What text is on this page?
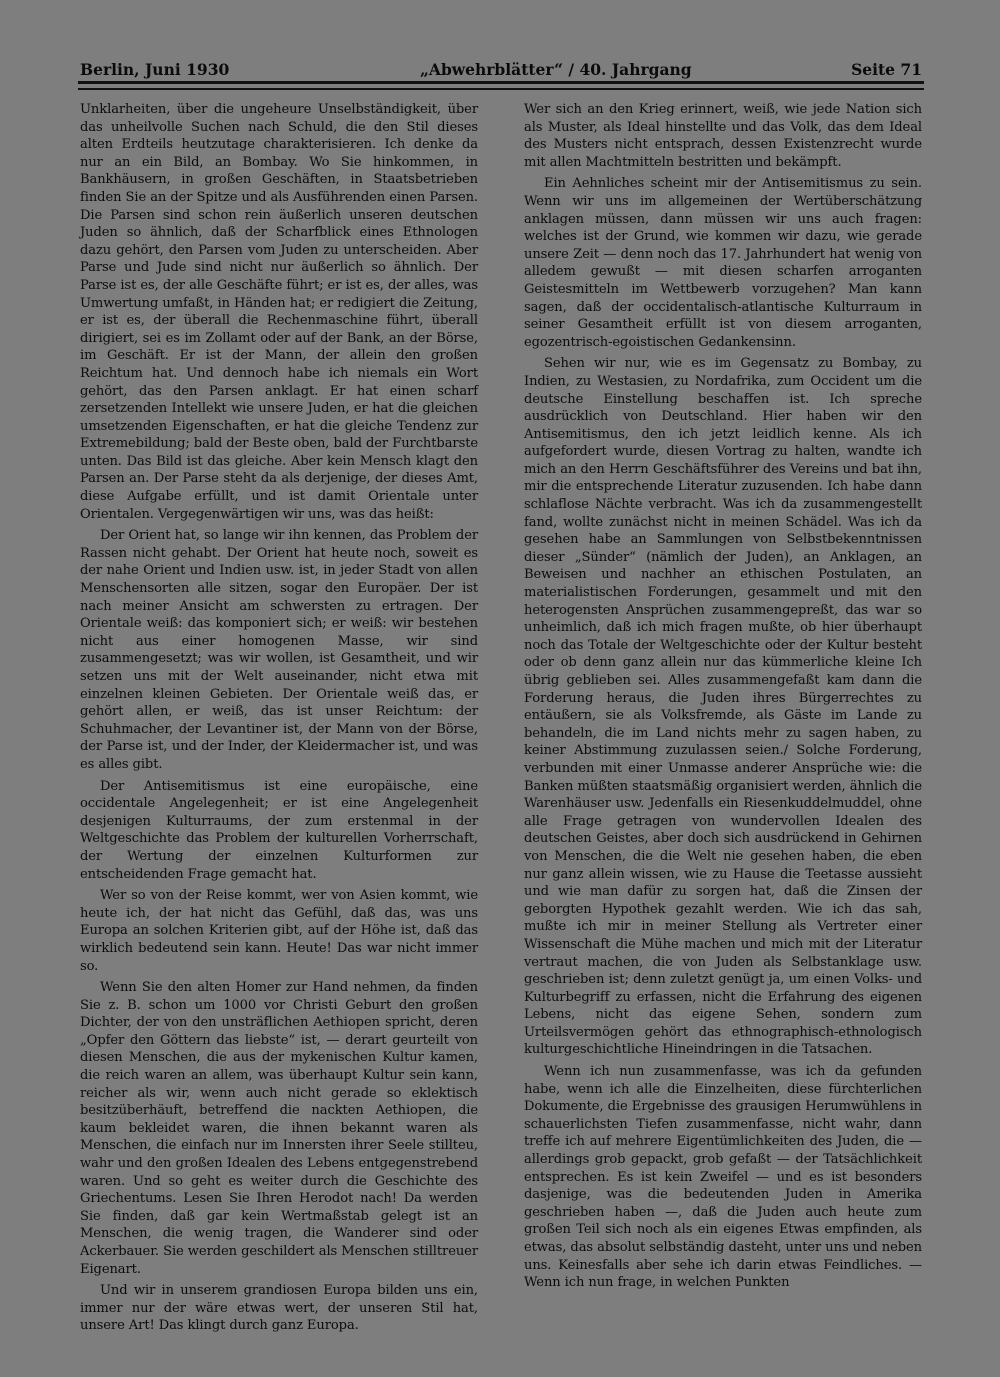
Berlin, Juni 1930	„Abwehrblätter“ / 40. Jahrgang	Seite 71

Unklarheiten, über die ungeheure Unselbständigkeit, über das unheilvolle Suchen nach Schuld, die den Stil dieses alten Erdteils heutzutage charakterisieren. Ich denke da nur an ein Bild, an Bombay. Wo Sie hinkommen, in Bankhäusern, in großen Geschäften, in Staatsbetrieben finden Sie an der Spitze und als Ausführenden einen Parsen. Die Parsen sind schon rein äußerlich unseren deutschen Juden so ähnlich, daß der Scharfblick eines Ethnologen dazu gehört, den Parsen vom Juden zu unterscheiden. Aber Parse und Jude sind nicht nur äußerlich so ähnlich. Der Parse ist es, der alle Geschäfte führt; er ist es, der alles, was Umwertung umfaßt, in Händen hat; er redigiert die Zeitung, er ist es, der überall die Rechenmaschine führt, überall dirigiert, sei es im Zollamt oder auf der Bank, an der Börse, im Geschäft. Er ist der Mann, der allein den großen Reichtum hat. Und dennoch habe ich niemals ein Wort gehört, das den Parsen anklagt. Er hat einen scharf zersetzenden Intellekt wie unsere Juden, er hat die gleichen umsetzenden Eigenschaften, er hat die gleiche Tendenz zur Extremebildung; bald der Beste oben, bald der Furchtbarste unten. Das Bild ist das gleiche. Aber kein Mensch klagt den Parsen an. Der Parse steht da als derjenige, der dieses Amt, diese Aufgabe erfüllt, und ist damit Orientale unter Orientalen. Vergegenwärtigen wir uns, was das heißt:

Der Orient hat, so lange wir ihn kennen, das Problem der Rassen nicht gehabt. Der Orient hat heute noch, soweit es der nahe Orient und Indien usw. ist, in jeder Stadt von allen Menschensorten alle sitzen, sogar den Europäer. Der ist nach meiner Ansicht am schwersten zu ertragen. Der Orientale weiß: das komponiert sich; er weiß: wir bestehen nicht aus einer homogenen Masse, wir sind zusammengesetzt; was wir wollen, ist Gesamtheit, und wir setzen uns mit der Welt auseinander, nicht etwa mit einzelnen kleinen Gebieten. Der Orientale weiß das, er gehört allen, er weiß, das ist unser Reichtum: der Schuhmacher, der Levantiner ist, der Mann von der Börse, der Parse ist, und der Inder, der Kleidermacher ist, und was es alles gibt.

Der Antisemitismus ist eine europäische, eine occidentale Angelegenheit; er ist eine Angelegenheit desjenigen Kulturraums, der zum erstenmal in der Weltgeschichte das Problem der kulturellen Vorherrschaft, der Wertung der einzelnen Kulturformen zur entscheidenden Frage gemacht hat.

Wer so von der Reise kommt, wer von Asien kommt, wie heute ich, der hat nicht das Gefühl, daß das, was uns Europa an solchen Kriterien gibt, auf der Höhe ist, daß das wirklich bedeutend sein kann. Heute! Das war nicht immer so.

Wenn Sie den alten Homer zur Hand nehmen, da finden Sie z. B. schon um 1000 vor Christi Geburt den großen Dichter, der von den unsträflichen Aethiopen spricht, deren „Opfer den Göttern das liebste“ ist, — derart geurteilt von diesen Menschen, die aus der mykenischen Kultur kamen, die reich waren an allem, was überhaupt Kultur sein kann, reicher als wir, wenn auch nicht gerade so eklektisch besitzüberhäuft, betreffend die nackten Aethiopen, die kaum bekleidet waren, die ihnen bekannt waren als Menschen, die einfach nur im Innersten ihrer Seele stillteu, wahr und den großen Idealen des Lebens entgegenstrebend waren. Und so geht es weiter durch die Geschichte des Griechentums. Lesen Sie Ihren Herodot nach! Da werden Sie finden, daß gar kein Wertmaßstab gelegt ist an Menschen, die wenig tragen, die Wanderer sind oder Ackerbauer. Sie werden geschildert als Menschen stilltreuer Eigenart.

Und wir in unserem grandiosen Europa bilden uns ein, immer nur der wäre etwas wert, der unseren Stil hat, unsere Art! Das klingt durch ganz Europa.

Wer sich an den Krieg erinnert, weiß, wie jede Nation sich als Muster, als Ideal hinstellte und das Volk, das dem Ideal des Musters nicht entsprach, dessen Existenzrecht wurde mit allen Machtmitteln bestritten und bekämpft.

Ein Aehnliches scheint mir der Antisemitismus zu sein. Wenn wir uns im allgemeinen der Wertüberschätzung anklagen müssen, dann müssen wir uns auch fragen: welches ist der Grund, wie kommen wir dazu, wie gerade unsere Zeit — denn noch das 17. Jahrhundert hat wenig von alledem gewußt — mit diesen scharfen arroganten Geistesmitteln im Wettbewerb vorzugehen? Man kann sagen, daß der occidentalisch-atlantische Kulturraum in seiner Gesamtheit erfüllt ist von diesem arroganten, egozentrisch-egoistischen Gedankensinn.

Sehen wir nur, wie es im Gegensatz zu Bombay, zu Indien, zu Westasien, zu Nordafrika, zum Occident um die deutsche Einstellung beschaffen ist. Ich spreche ausdrücklich von Deutschland. Hier haben wir den Antisemitismus, den ich jetzt leidlich kenne. Als ich aufgefordert wurde, diesen Vortrag zu halten, wandte ich mich an den Herrn Geschäftsführer des Vereins und bat ihn, mir die entsprechende Literatur zuzusenden. Ich habe dann schlaflose Nächte verbracht. Was ich da zusammengestellt fand, wollte zunächst nicht in meinen Schädel. Was ich da gesehen habe an Sammlungen von Selbstbekenntnissen dieser „Sünder“ (nämlich der Juden), an Anklagen, an Beweisen und nachher an ethischen Postulaten, an materialistischen Forderungen, gesammelt und mit den heterogensten Ansprüchen zusammengepreßt, das war so unheimlich, daß ich mich fragen mußte, ob hier überhaupt noch das Totale der Weltgeschichte oder der Kultur besteht oder ob denn ganz allein nur das kümmerliche kleine Ich übrig geblieben sei. Alles zusammengefaßt kam dann die Forderung heraus, die Juden ihres Bürgerrechtes zu entäußern, sie als Volksfremde, als Gäste im Lande zu behandeln, die im Land nichts mehr zu sagen haben, zu keiner Abstimmung zuzulassen seien./ Solche Forderung, verbunden mit einer Unmasse anderer Ansprüche wie: die Banken müßten staatsmäßig organisiert werden, ähnlich die Warenhäuser usw. Jedenfalls ein Riesenkuddelmuddel, ohne alle Frage getragen von wundervollen Idealen des deutschen Geistes, aber doch sich ausdrückend in Gehirnen von Menschen, die die Welt nie gesehen haben, die eben nur ganz allein wissen, wie zu Hause die Teetasse aussieht und wie man dafür zu sorgen hat, daß die Zinsen der geborgten Hypothek gezahlt werden. Wie ich das sah, mußte ich mir in meiner Stellung als Vertreter einer Wissenschaft die Mühe machen und mich mit der Literatur vertraut machen, die von Juden als Selbstanklage usw. geschrieben ist; denn zuletzt genügt ja, um einen Volks- und Kulturbegriff zu erfassen, nicht die Erfahrung des eigenen Lebens, nicht das eigene Sehen, sondern zum Urteilsvermögen gehört das ethnographisch-ethnologisch kulturgeschichtliche Hineindringen in die Tatsachen.

Wenn ich nun zusammenfasse, was ich da gefunden habe, wenn ich alle die Einzelheiten, diese fürchterlichen Dokumente, die Ergebnisse des grausigen Herumwühlens in schauerlichsten Tiefen zusammenfasse, nicht wahr, dann treffe ich auf mehrere Eigentümlichkeiten des Juden, die — allerdings grob gepackt, grob gefaßt — der Tatsächlichkeit entsprechen. Es ist kein Zweifel — und es ist besonders dasjenige, was die bedeutenden Juden in Amerika geschrieben haben —, daß die Juden auch heute zum großen Teil sich noch als ein eigenes Etwas empfinden, als etwas, das absolut selbständig dasteht, unter uns und neben uns. Keinesfalls aber sehe ich darin etwas Feindliches. — Wenn ich nun frage, in welchen Punkten
